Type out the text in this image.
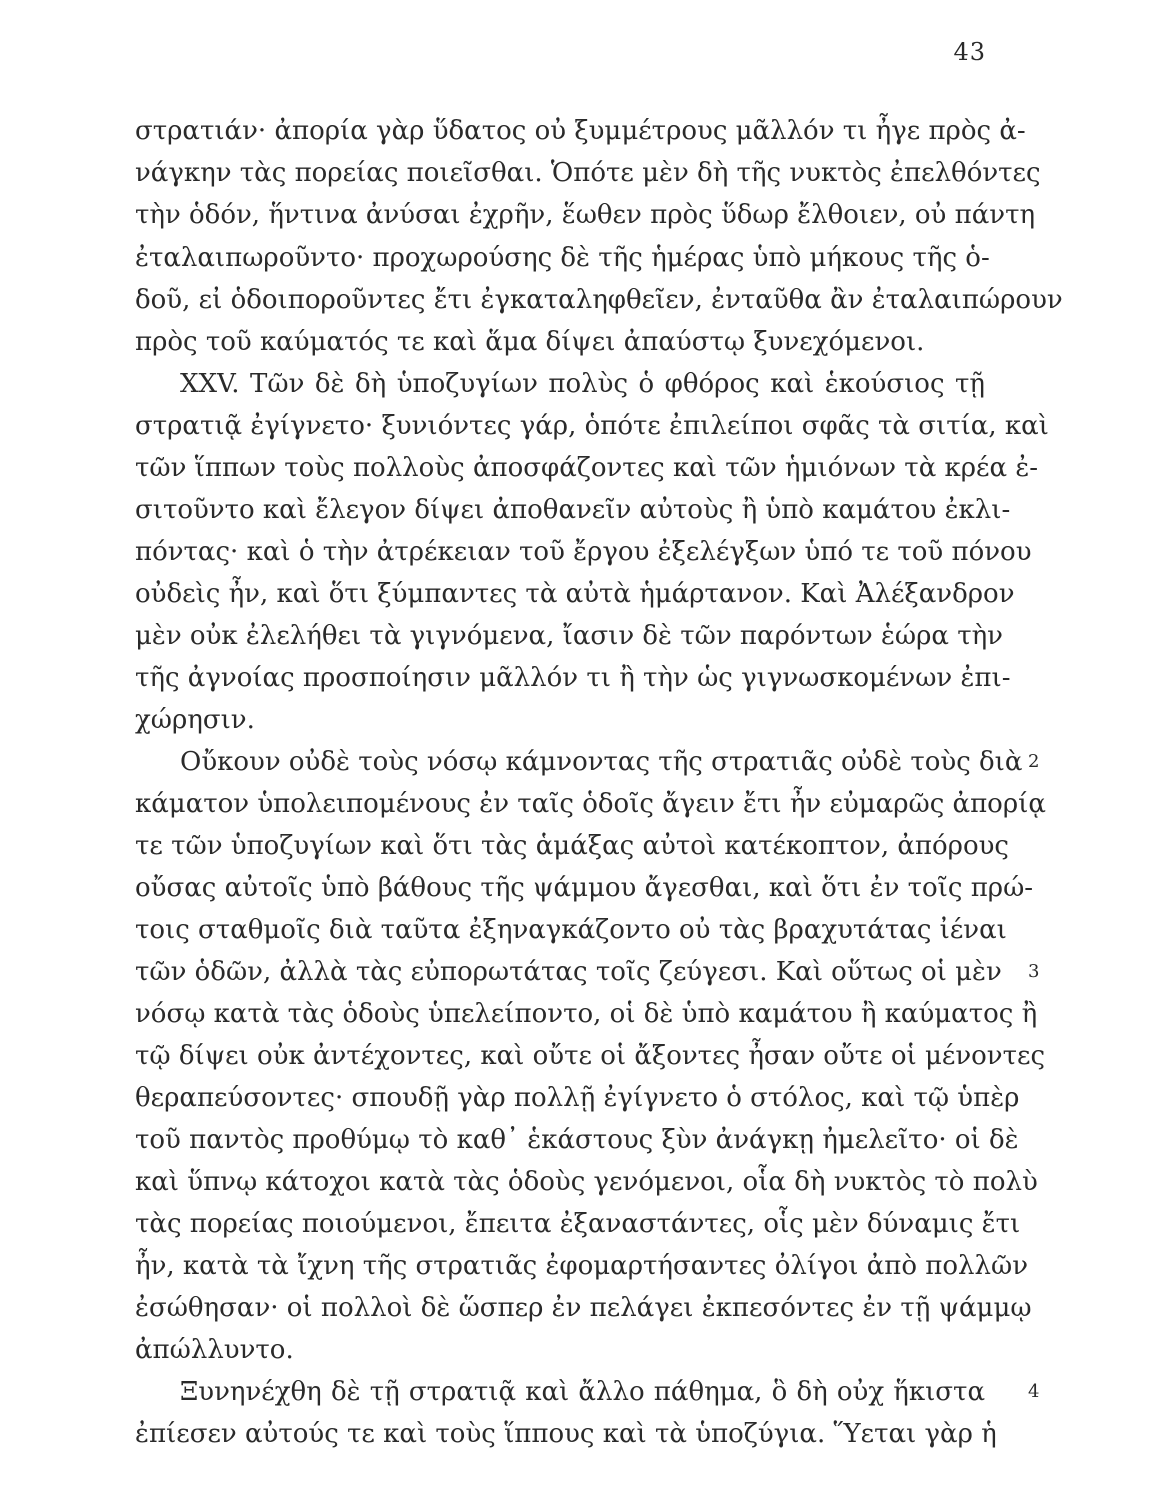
43
στρατιάν· ἀπορία γὰρ ὕδατος οὐ ξυμμέτρους μᾶλλόν τι ἦγε πρὸς ἀ-
νάγκην τὰς πορείας ποιεῖσθαι. Ὁπότε μὲν δὴ τῆς νυκτὸς ἐπελθόντες
τὴν ὁδόν, ἥντινα ἀνύσαι ἐχρῆν, ἕωθεν πρὸς ὕδωρ ἔλθοιεν, οὐ πάντη
ἐταλαιπωροῦντο· προχωρούσης δὲ τῆς ἡμέρας ὑπὸ μήκους τῆς ὁ-
δοῦ, εἰ ὁδοιποροῦντες ἔτι ἐγκαταληφθεῖεν, ἐνταῦθα ἂν ἐταλαιπώρουν
πρὸς τοῦ καύματός τε καὶ ἅμα δίψει ἀπαύστῳ ξυνεχόμενοι.
XXV. Τῶν δὲ δὴ ὑποζυγίων πολὺς ὁ φθόρος καὶ ἑκούσιος τῇ
στρατιᾷ ἐγίγνετο· ξυνιόντες γάρ, ὁπότε ἐπιλείποι σφᾶς τὰ σιτία, καὶ
τῶν ἵππων τοὺς πολλοὺς ἀποσφάζοντες καὶ τῶν ἡμιόνων τὰ κρέα ἐ-
σιτοῦντο καὶ ἔλεγον δίψει ἀποθανεῖν αὐτοὺς ἢ ὑπὸ καμάτου ἐκλι-
πόντας· καὶ ὁ τὴν ἀτρέκειαν τοῦ ἔργου ἐξελέγξων ὑπό τε τοῦ πόνου
οὐδεὶς ἦν, καὶ ὅτι ξύμπαντες τὰ αὐτὰ ἡμάρτανον. Καὶ Ἀλέξανδρον
μὲν οὐκ ἐλελήθει τὰ γιγνόμενα, ἴασιν δὲ τῶν παρόντων ἑώρα τὴν
τῆς ἀγνοίας προσποίησιν μᾶλλόν τι ἢ τὴν ὡς γιγνωσκομένων ἐπι-
χώρησιν.
Οὔκουν οὐδὲ τοὺς νόσῳ κάμνοντας τῆς στρατιᾶς οὐδὲ τοὺς διὰ 2
κάματον ὑπολειπομένους ἐν ταῖς ὁδοῖς ἄγειν ἔτι ἦν εὐμαρῶς ἀπορίᾳ
τε τῶν ὑποζυγίων καὶ ὅτι τὰς ἁμάξας αὐτοὶ κατέκοπτον, ἀπόρους
οὔσας αὐτοῖς ὑπὸ βάθους τῆς ψάμμου ἄγεσθαι, καὶ ὅτι ἐν τοῖς πρώ-
τοις σταθμοῖς διὰ ταῦτα ἐξηναγκάζοντο οὐ τὰς βραχυτάτας ἰέναι
τῶν ὁδῶν, ἀλλὰ τὰς εὐπορωτάτας τοῖς ζεύγεσι. Καὶ οὕτως οἱ μὲν 3
νόσῳ κατὰ τὰς ὁδοὺς ὑπελείποντο, οἱ δὲ ὑπὸ καμάτου ἢ καύματος ἢ
τῷ δίψει οὐκ ἀντέχοντες, καὶ οὔτε οἱ ἄξοντες ἦσαν οὔτε οἱ μένοντες
θεραπεύσοντες· σπουδῇ γὰρ πολλῇ ἐγίγνετο ὁ στόλος, καὶ τῷ ὑπὲρ
τοῦ παντὸς προθύμῳ τὸ καθ᾽ ἑκάστους ξὺν ἀνάγκῃ ἠμελεῖτο· οἱ δὲ
καὶ ὕπνῳ κάτοχοι κατὰ τὰς ὁδοὺς γενόμενοι, οἷα δὴ νυκτὸς τὸ πολὺ
τὰς πορείας ποιούμενοι, ἔπειτα ἐξαναστάντες, οἷς μὲν δύναμις ἔτι
ἦν, κατὰ τὰ ἴχνη τῆς στρατιᾶς ἐφομαρτήσαντες ὀλίγοι ἀπὸ πολλῶν
ἐσώθησαν· οἱ πολλοὶ δὲ ὥσπερ ἐν πελάγει ἐκπεσόντες ἐν τῇ ψάμμῳ
ἀπώλλυντο.
Ξυνηνέχθη δὲ τῇ στρατιᾷ καὶ ἄλλο πάθημα, ὃ δὴ οὐχ ἥκιστα 4
ἐπίεσεν αὐτούς τε καὶ τοὺς ἵππους καὶ τὰ ὑποζύγια. Ὕεται γὰρ ἡ
